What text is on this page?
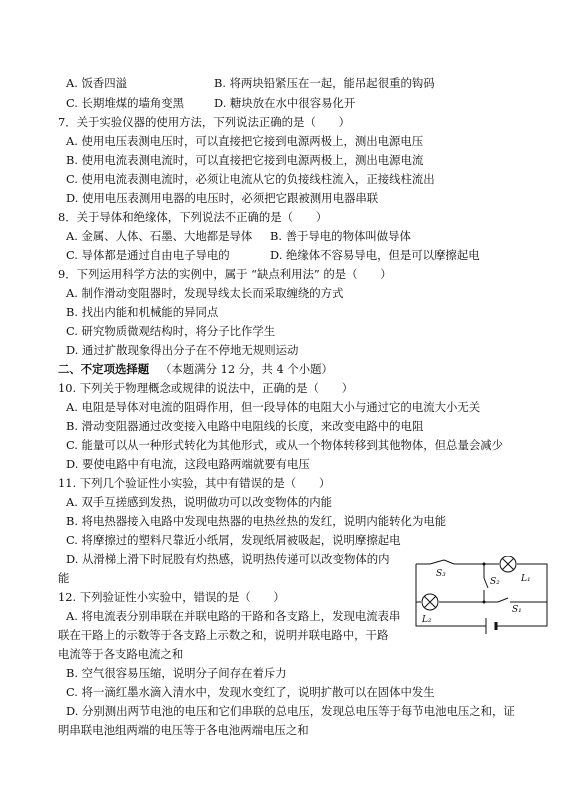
A. 饭香四溢	B. 将两块铅紧压在一起，能吊起很重的钩码
C. 长期堆煤的墙角变黑	D. 糖块放在水中很容易化开
7．关于实验仪器的使用方法，下列说法正确的是（　　）
A. 使用电压表测电压时，可以直接把它接到电源两极上，测出电源电压
B. 使用电流表测电流时，可以直接把它接到电源两极上，测出电源电流
C. 使用电流表测电流时，必须让电流从它的负接线柱流入，正接线柱流出
D. 使用电压表测用电器的电压时，必须把它跟被测用电器串联
8．关于导体和绝缘体，下列说法不正确的是（　　）
A. 金属、人体、石墨、大地都是导体 B. 善于导电的物体叫做导体
C. 导体都是通过自由电子导电的	D. 绝缘体不容易导电，但是可以摩擦起电
9．下列运用科学方法的实例中，属于 “缺点利用法” 的是（　　）
A. 制作滑动变阻器时，发现导线太长而采取缠绕的方式
B. 找出内能和机械能的异同点
C. 研究物质微观结构时，将分子比作学生
D. 通过扩散现象得出分子在不停地无规则运动
二、不定项选择题 （本题满分 12 分，共 4 个小题）
10. 下列关于物理概念或规律的说法中，正确的是（　　）
A. 电阻是导体对电流的阻碍作用，但一段导体的电阻大小与通过它的电流大小无关
B. 滑动变阻器通过改变接入电路中电阻线的长度，来改变电路中的电阻
C. 能量可以从一种形式转化为其他形式，或从一个物体转移到其他物体，但总量会减少
D. 要使电路中有电流，这段电路两端就要有电压
11. 下列几个验证性小实验，其中有错误的是（　　）
A. 双手互搓感到发热，说明做功可以改变物体的内能
B. 将电热器接入电路中发现电热器的电热丝热的发红，说明内能转化为电能
C. 将摩擦过的塑料尺靠近小纸屑，发现纸屑被吸起，说明摩擦起电
D. 从滑梯上滑下时屁股有灼热感，说明热传递可以改变物体的内
能
12. 下列验证性小实验中，错误的是（　　）
A. 将电流表分别串联在并联电路的干路和各支路上，发现电流表串
联在干路上的示数等于各支路上示数之和，说明并联电路中，干路
电流等于各支路电流之和
B. 空气很容易压缩，说明分子间存在着斥力
C. 将一滴红墨水滴入清水中，发现水变红了，说明扩散可以在固体中发生
D. 分别测出两节电池的电压和它们串联的总电压，发现总电压等于每节电池电压之和，证
明串联电池组两端的电压等于各电池两端电压之和
S₃
S₂ L₁
L₂
S₁
